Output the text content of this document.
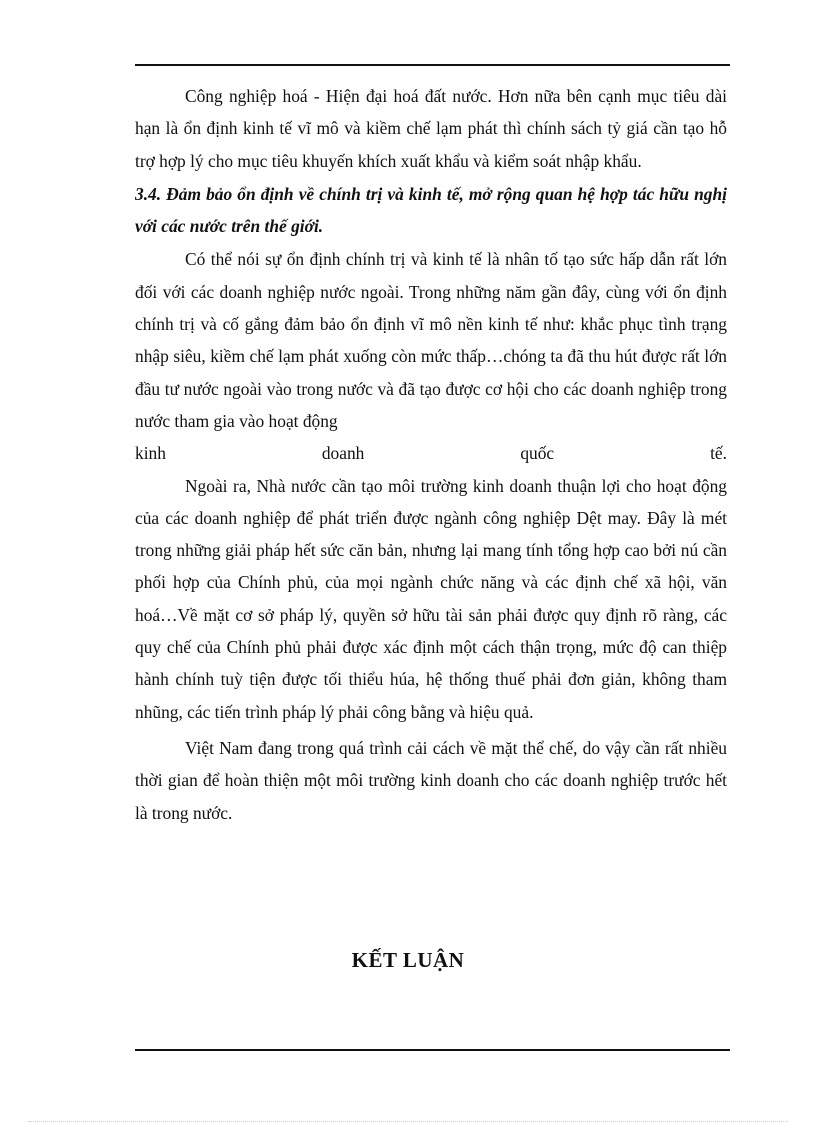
Công nghiệp hoá - Hiện đại hoá đất nước. Hơn nữa bên cạnh mục tiêu dài hạn là ổn định kinh tế vĩ mô và kiềm chế lạm phát thì chính sách tỷ giá cần tạo hỗ trợ hợp lý cho mục tiêu khuyến khích xuất khẩu và kiểm soát nhập khẩu.

3.4. Đảm bảo ổn định về chính trị và kinh tế, mở rộng quan hệ hợp tác hữu nghị với các nước trên thế giới.

Có thể nói sự ổn định chính trị và kinh tế là nhân tố tạo sức hấp dẫn rất lớn đối với các doanh nghiệp nước ngoài. Trong những năm gần đây, cùng với ổn định chính trị và cố gắng đảm bảo ổn định vĩ mô nền kinh tế như: khắc phục tình trạng nhập siêu, kiềm chế lạm phát xuống còn mức thấp…chóng ta đã thu hút được rất lớn đầu tư nước ngoài vào trong nước và đã tạo được cơ hội cho các doanh nghiệp trong nước tham gia vào hoạt động

kinh	doanh	quốc	tế.

Ngoài ra, Nhà nước cần tạo môi trường kinh doanh thuận lợi cho hoạt động của các doanh nghiệp để phát triển được ngành công nghiệp Dệt may. Đây là mét trong những giải pháp hết sức căn bản, nhưng lại mang tính tổng hợp cao bởi nú cần phối hợp của Chính phủ, của mọi ngành chức năng và các định chế xã hội, văn hoá…Về mặt cơ sở pháp lý, quyền sở hữu tài sản phải được quy định rõ ràng, các quy chế của Chính phủ phải được xác định một cách thận trọng, mức độ can thiệp hành chính tuỳ tiện được tối thiểu húa, hệ thống thuế phải đơn giản, không tham nhũng, các tiến trình pháp lý phải công bằng và hiệu quả.

Việt Nam đang trong quá trình cải cách về mặt thể chế, do vậy cần rất nhiều thời gian để hoàn thiện một môi trường kinh doanh cho các doanh nghiệp trước hết là trong nước.

KẾT LUẬN
